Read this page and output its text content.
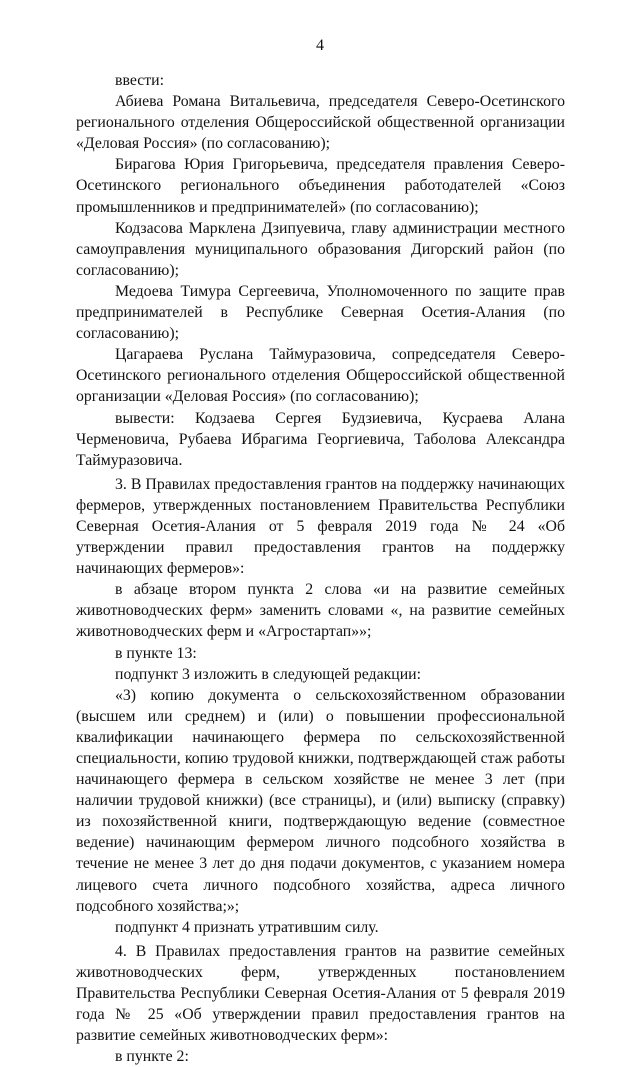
4

ввести:

Абиева Романа Витальевича, председателя Северо-Осетинского регионального отделения Общероссийской общественной организации «Деловая Россия» (по согласованию);

Бирагова Юрия Григорьевича, председателя правления Северо-Осетинского регионального объединения работодателей «Союз промышленников и предпринимателей» (по согласованию);

Кодзасова Марклена Дзипуевича, главу администрации местного самоуправления муниципального образования Дигорский район (по согласованию);

Медоева Тимура Сергеевича, Уполномоченного по защите прав предпринимателей в Республике Северная Осетия-Алания (по согласованию);

Цагараева Руслана Таймуразовича, сопредседателя Северо-Осетинского регионального отделения Общероссийской общественной организации «Деловая Россия» (по согласованию);

вывести: Кодзаева Сергея Будзиевича, Кусраева Алана Черменовича, Рубаева Ибрагима Георгиевича, Таболова Александра Таймуразовича.

3. В Правилах предоставления грантов на поддержку начинающих фермеров, утвержденных постановлением Правительства Республики Северная Осетия-Алания от 5 февраля 2019 года № 24 «Об утверждении правил предоставления грантов на поддержку начинающих фермеров»:

в абзаце втором пункта 2 слова «и на развитие семейных животноводческих ферм» заменить словами «, на развитие семейных животноводческих ферм и «Агростартап»»;

в пункте 13:

подпункт 3 изложить в следующей редакции:

«3) копию документа о сельскохозяйственном образовании (высшем или среднем) и (или) о повышении профессиональной квалификации начинающего фермера по сельскохозяйственной специальности, копию трудовой книжки, подтверждающей стаж работы начинающего фермера в сельском хозяйстве не менее 3 лет (при наличии трудовой книжки) (все страницы), и (или) выписку (справку) из похозяйственной книги, подтверждающую ведение (совместное ведение) начинающим фермером личного подсобного хозяйства в течение не менее 3 лет до дня подачи документов, с указанием номера лицевого счета личного подсобного хозяйства, адреса личного подсобного хозяйства;»;

подпункт 4 признать утратившим силу.

4. В Правилах предоставления грантов на развитие семейных животноводческих ферм, утвержденных постановлением Правительства Республики Северная Осетия-Алания от 5 февраля 2019 года № 25 «Об утверждении правил предоставления грантов на развитие семейных животноводческих ферм»:

в пункте 2:
